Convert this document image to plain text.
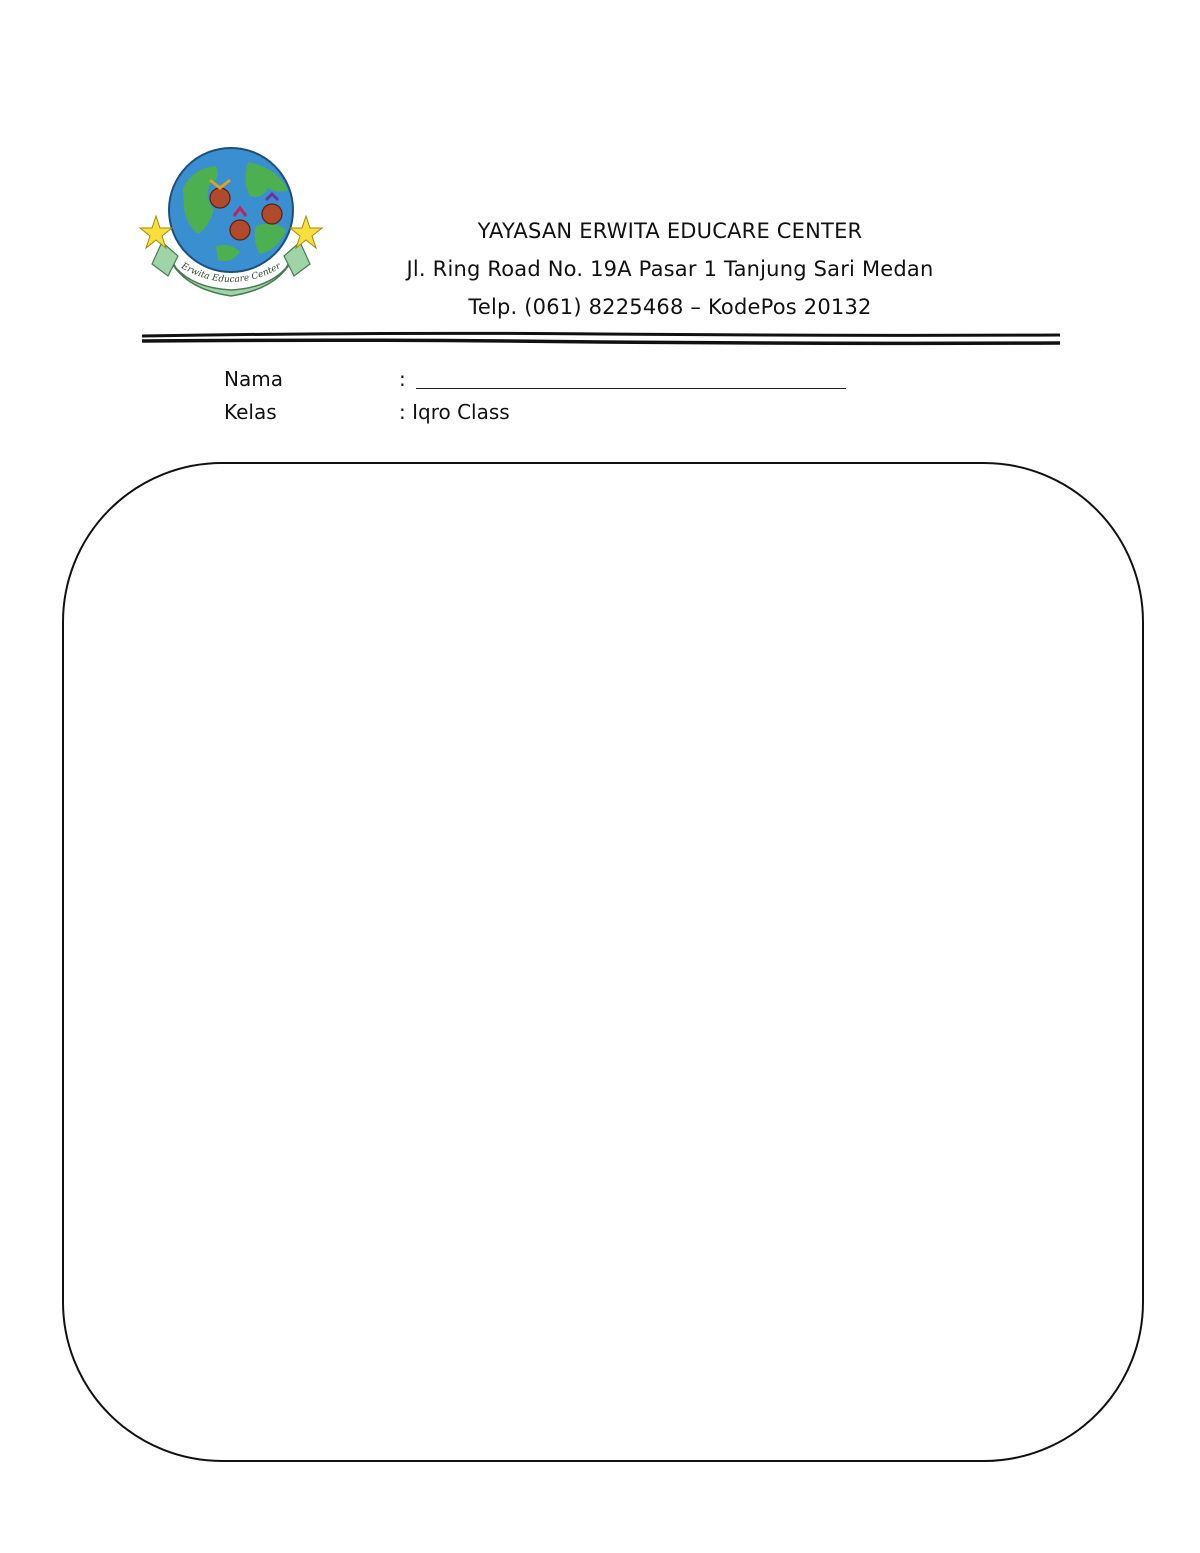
Erwita Educare Center
YAYASAN ERWITA EDUCARE CENTER
Jl. Ring Road No. 19A Pasar 1 Tanjung Sari Medan
Telp. (061) 8225468 – KodePos 20132
Nama	:
Kelas	: Iqro Class
